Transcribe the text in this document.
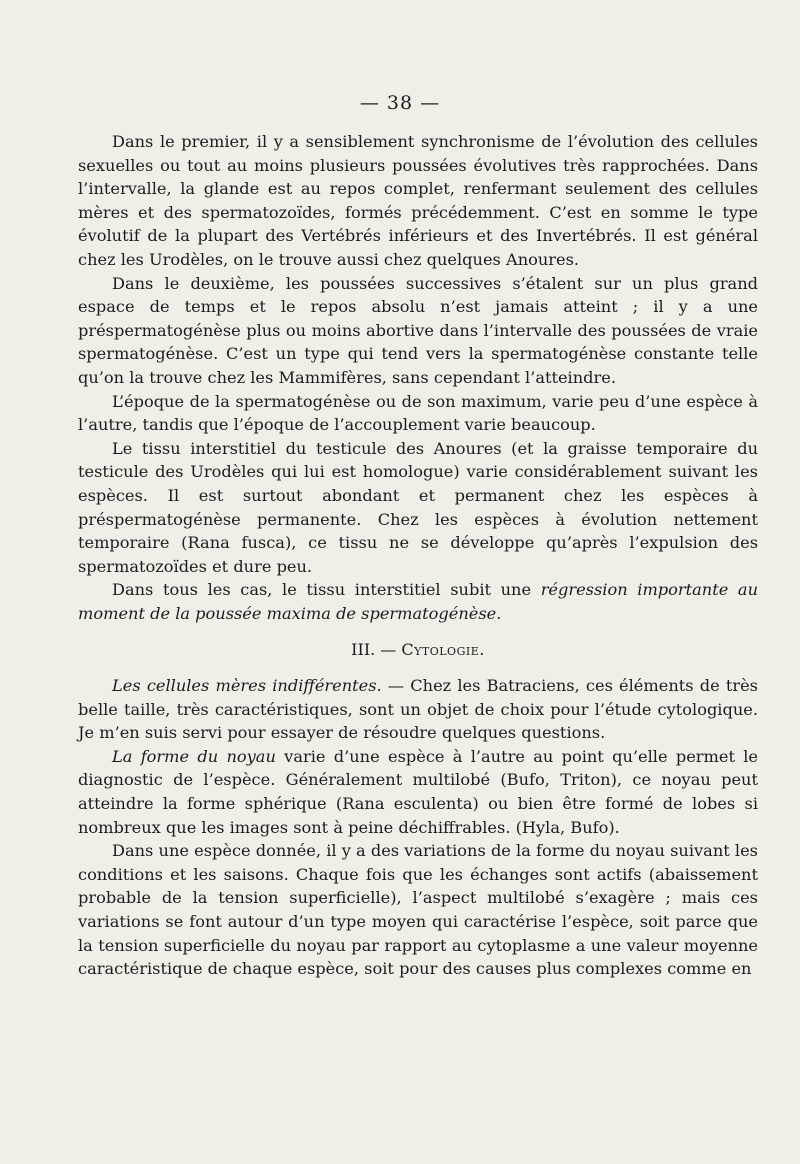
— 38 —

Dans le premier, il y a sensiblement synchronisme de l’évolution des cellules sexuelles ou tout au moins plusieurs poussées évolutives très rapprochées. Dans l’intervalle, la glande est au repos complet, renfermant seulement des cellules mères et des spermatozoïdes, formés précédemment. C’est en somme le type évolutif de la plupart des Vertébrés inférieurs et des Invertébrés. Il est général chez les Urodèles, on le trouve aussi chez quelques Anoures.

Dans le deuxième, les poussées successives s’étalent sur un plus grand espace de temps et le repos absolu n’est jamais atteint ; il y a une préspermatogénèse plus ou moins abortive dans l’intervalle des poussées de vraie spermatogénèse. C’est un type qui tend vers la spermatogénèse constante telle qu’on la trouve chez les Mammifères, sans cependant l’atteindre.

L’époque de la spermatogénèse ou de son maximum, varie peu d’une espèce à l’autre, tandis que l’époque de l’accouplement varie beaucoup.

Le tissu interstitiel du testicule des Anoures (et la graisse temporaire du testicule des Urodèles qui lui est homologue) varie considérablement suivant les espèces. Il est surtout abondant et permanent chez les espèces à préspermatogénèse permanente. Chez les espèces à évolution nettement temporaire (Rana fusca), ce tissu ne se développe qu’après l’expulsion des spermatozoïdes et dure peu.

Dans tous les cas, le tissu interstitiel subit une régression importante au moment de la poussée maxima de spermatogénèse.

III. — Cytologie.

Les cellules mères indifférentes. — Chez les Batraciens, ces éléments de très belle taille, très caractéristiques, sont un objet de choix pour l’étude cytologique. Je m’en suis servi pour essayer de résoudre quelques questions.

La forme du noyau varie d’une espèce à l’autre au point qu’elle permet le diagnostic de l’espèce. Généralement multilobé (Bufo, Triton), ce noyau peut atteindre la forme sphérique (Rana esculenta) ou bien être formé de lobes si nombreux que les images sont à peine déchiffrables. (Hyla, Bufo).

Dans une espèce donnée, il y a des variations de la forme du noyau suivant les conditions et les saisons. Chaque fois que les échanges sont actifs (abaissement probable de la tension superficielle), l’aspect multilobé s’exagère ; mais ces variations se font autour d’un type moyen qui caractérise l’espèce, soit parce que la tension superficielle du noyau par rapport au cytoplasme a une valeur moyenne caractéristique de chaque espèce, soit pour des causes plus complexes comme en
